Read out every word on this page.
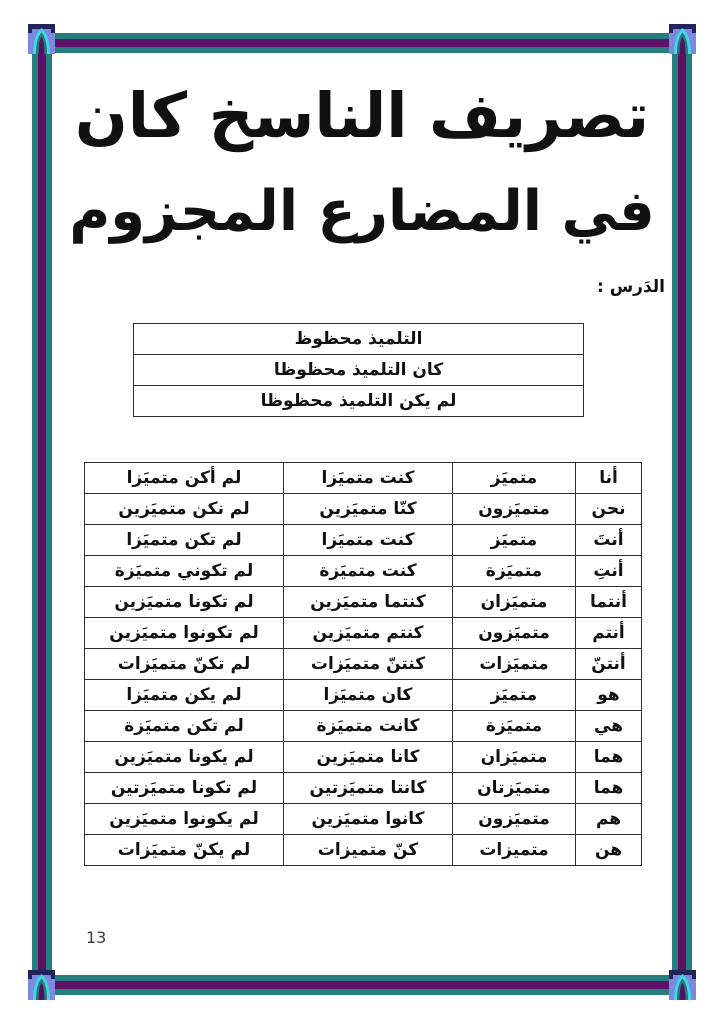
تصريف الناسخ كان
في المضارع المجزوم
الدَرس :
التلميذ محظوظ
كان التلميذ محظوظا
لم يكن التلميذ محظوظا
أنا	متميَز	كنت متميَزا	لم أكن متميَزا
نحن	متميَزون	كنّا متميَزين	لم نكن متميَزين
أنتَ	متميَز	كنت متميَزا	لم تكن متميَزا
أنتِ	متميَزة	كنت متميَزة	لم تكوني متميَزة
أنتما	متميَزان	كنتما متميَزين	لم تكونا متميَزين
أنتم	متميَزون	كنتم متميَزين	لم تكونوا متميَزين
أنتنّ	متميَزات	كنتنّ متميَزات	لم تكنّ متميَزات
هو	متميَز	كان متميَزا	لم يكن متميَزا
هي	متميَزة	كانت متميَزة	لم تكن متميَزة
هما	متميَزان	كانا متميَزين	لم يكونا متميَزين
هما	متميَزتان	كانتا متميَزتين	لم تكونا متميَزتين
هم	متميَزون	كانوا متميَزين	لم يكونوا متميَزين
هن	متميزات	كنّ متميزات	لم يكنّ متميَزات
13
